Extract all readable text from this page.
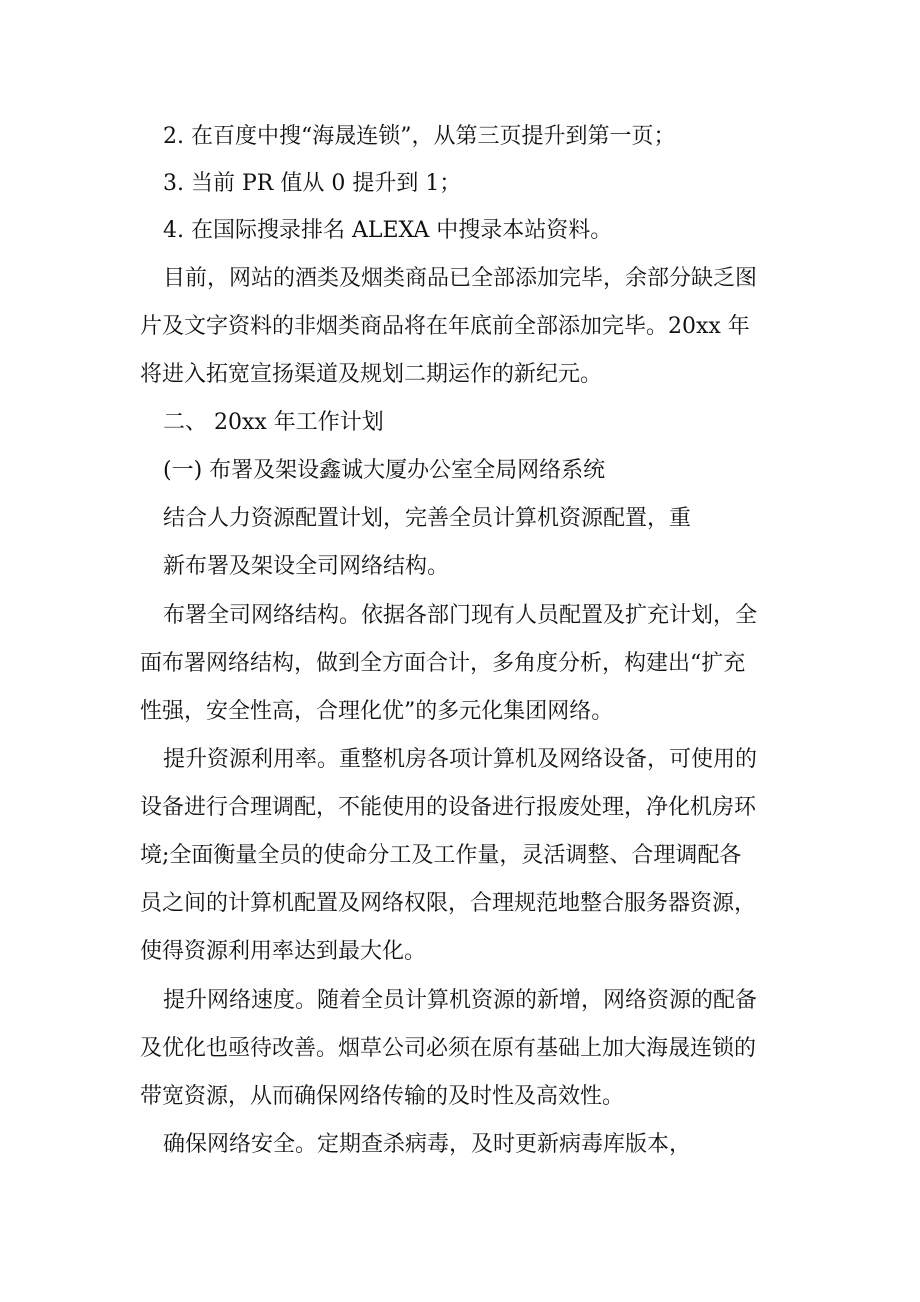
2. 在百度中搜“海晟连锁”，从第三页提升到第一页；
3. 当前 PR 值从 0 提升到 1；
4. 在国际搜录排名 ALEXA 中搜录本站资料。
目前，网站的酒类及烟类商品已全部添加完毕，余部分缺乏图
片及文字资料的非烟类商品将在年底前全部添加完毕。20xx 年
将进入拓宽宣扬渠道及规划二期运作的新纪元。
二、 20xx 年工作计划
(一) 布署及架设鑫诚大厦办公室全局网络系统
结合人力资源配置计划，完善全员计算机资源配置，重
新布署及架设全司网络结构。
布署全司网络结构。依据各部门现有人员配置及扩充计划，全
面布署网络结构，做到全方面合计，多角度分析，构建出“扩充
性强，安全性高，合理化优”的多元化集团网络。
提升资源利用率。重整机房各项计算机及网络设备，可使用的
设备进行合理调配，不能使用的设备进行报废处理，净化机房环
境;全面衡量全员的使命分工及工作量，灵活调整、合理调配各
员之间的计算机配置及网络权限，合理规范地整合服务器资源，
使得资源利用率达到最大化。
提升网络速度。随着全员计算机资源的新增，网络资源的配备
及优化也亟待改善。烟草公司必须在原有基础上加大海晟连锁的
带宽资源，从而确保网络传输的及时性及高效性。
确保网络安全。定期查杀病毒，及时更新病毒库版本，
